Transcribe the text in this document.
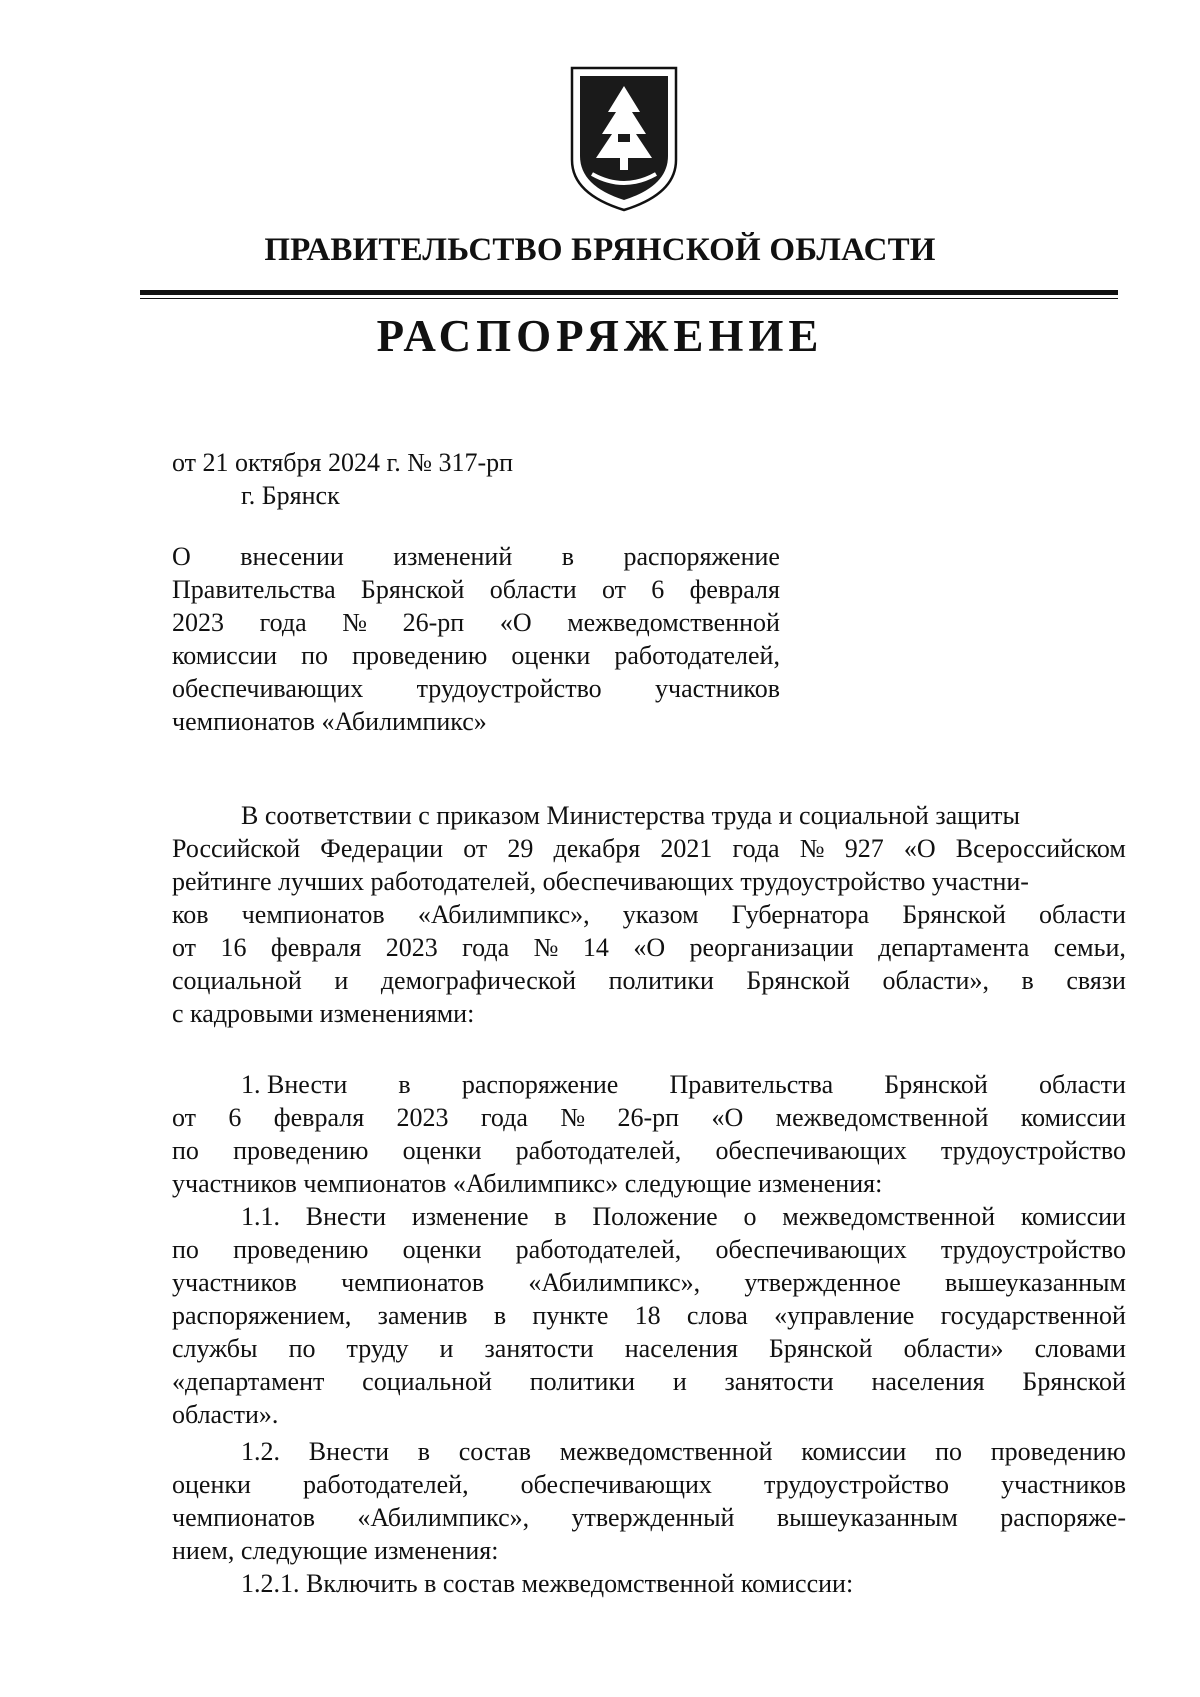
ПРАВИТЕЛЬСТВО БРЯНСКОЙ ОБЛАСТИ
РАСПОРЯЖЕНИЕ
от 21 октября 2024 г. № 317-рп
г. Брянск
О внесении изменений в распоряжение
Правительства Брянской области от 6 февраля
2023 года № 26-рп «О межведомственной
комиссии по проведению оценки работодателей,
обеспечивающих трудоустройство участников
чемпионатов «Абилимпикс»
В соответствии с приказом Министерства труда и социальной защиты
Российской Федерации от 29 декабря 2021 года № 927 «О Всероссийском
рейтинге лучших работодателей, обеспечивающих трудоустройство участни-
ков чемпионатов «Абилимпикс», указом Губернатора Брянской области
от 16 февраля 2023 года № 14 «О реорганизации департамента семьи,
социальной и демографической политики Брянской области», в связи
с кадровыми изменениями:
1. Внести в распоряжение Правительства Брянской области
от 6 февраля 2023 года № 26-рп «О межведомственной комиссии
по проведению оценки работодателей, обеспечивающих трудоустройство
участников чемпионатов «Абилимпикс» следующие изменения:
1.1. Внести изменение в Положение о межведомственной комиссии
по проведению оценки работодателей, обеспечивающих трудоустройство
участников чемпионатов «Абилимпикс», утвержденное вышеуказанным
распоряжением, заменив в пункте 18 слова «управление государственной
службы по труду и занятости населения Брянской области» словами
«департамент социальной политики и занятости населения Брянской
области».
1.2. Внести в состав межведомственной комиссии по проведению
оценки работодателей, обеспечивающих трудоустройство участников
чемпионатов «Абилимпикс», утвержденный вышеуказанным распоряже-
нием, следующие изменения:
1.2.1. Включить в состав межведомственной комиссии:
